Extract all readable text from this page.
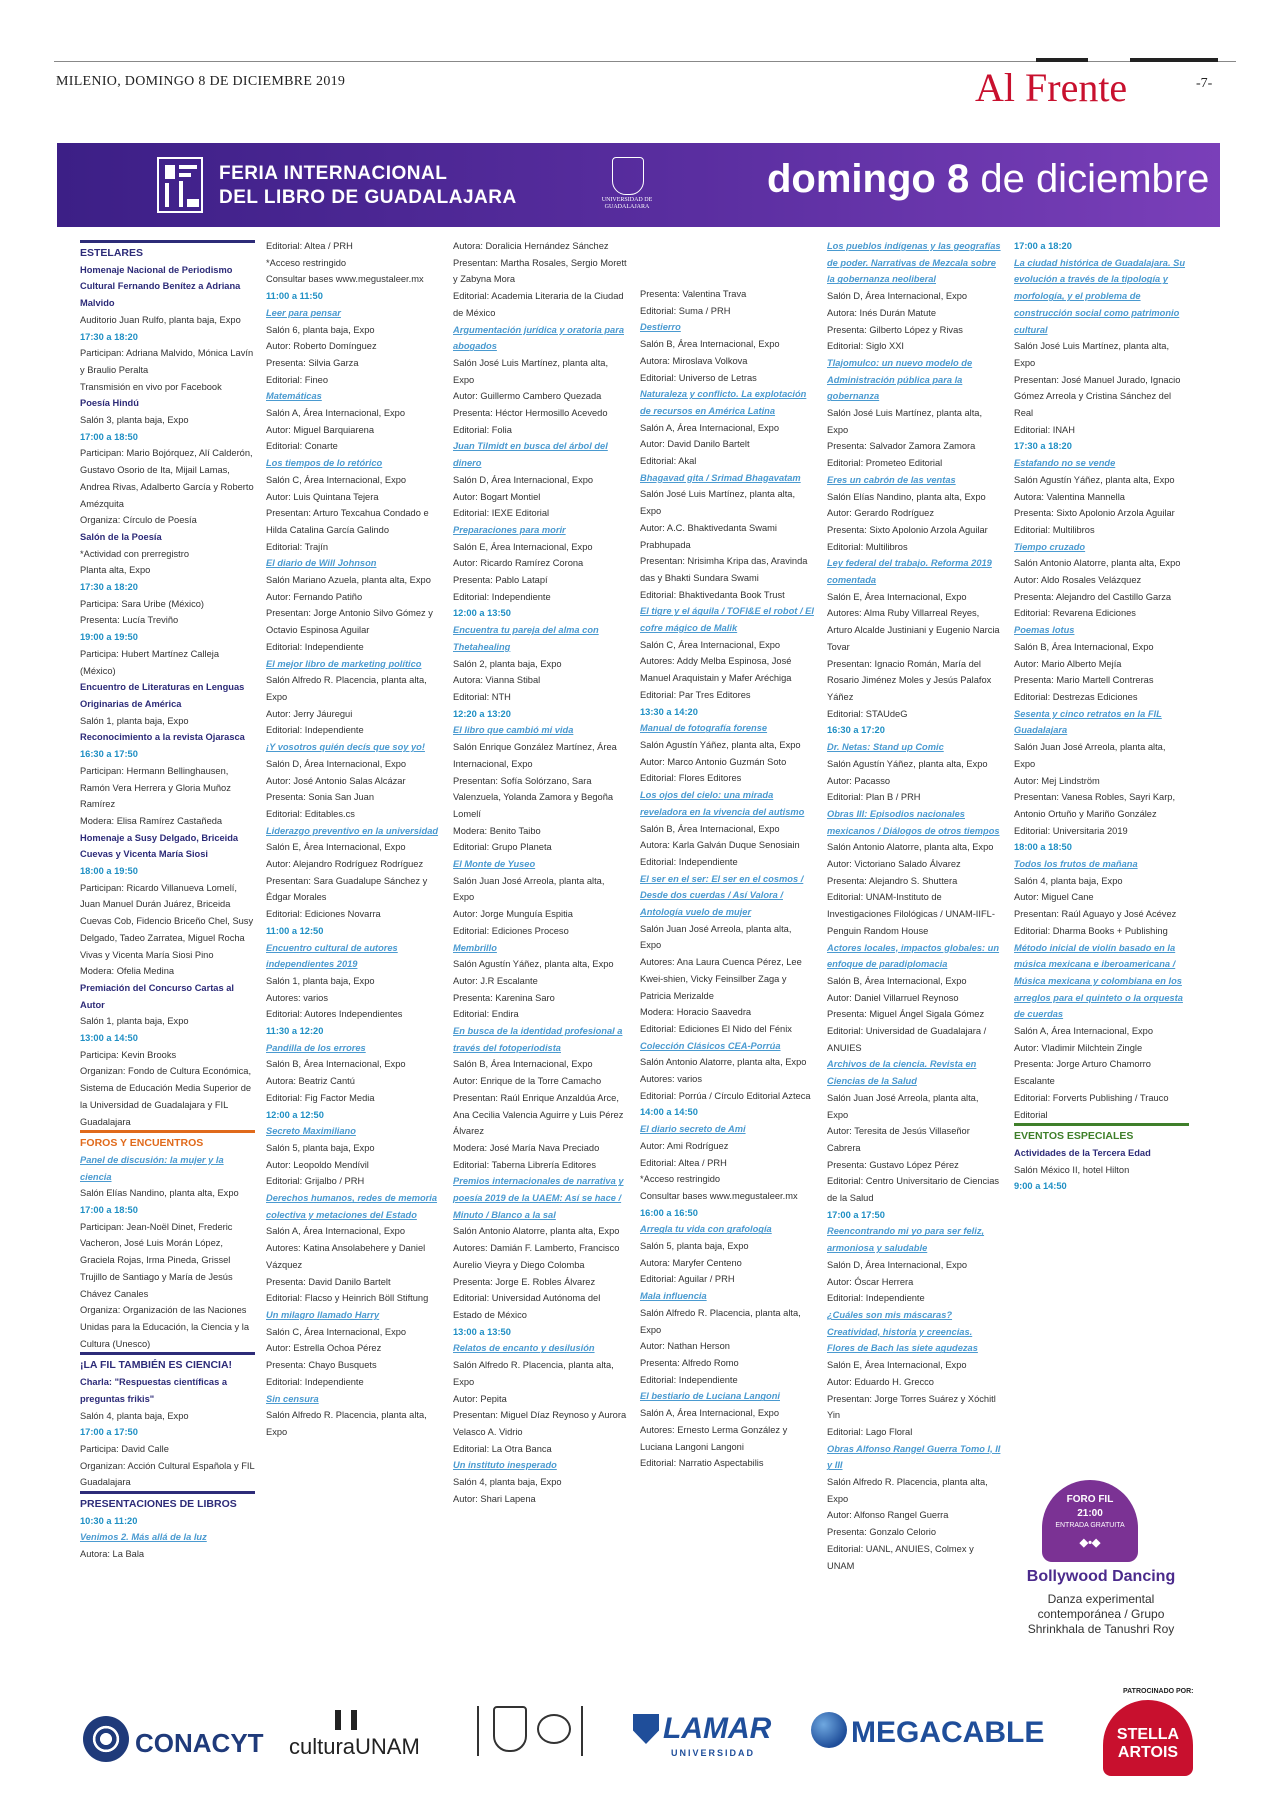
MILENIO, DOMINGO 8 DE DICIEMBRE 2019	Al Frente	-7-
FERIA INTERNACIONAL
DEL LIBRO DE GUADALAJARA	UNIVERSIDAD DE
GUADALAJARA
domingo 8 de diciembre

ESTELARES

Homenaje Nacional de Periodismo Cultural Fernando Benítez a Adriana Malvido

Auditorio Juan Rulfo, planta baja, Expo

17:30 a 18:20

Participan: Adriana Malvido, Mónica Lavín y Braulio Peralta

Transmisión en vivo por Facebook

Poesía Hindú

Salón 3, planta baja, Expo

17:00 a 18:50

Participan: Mario Bojórquez, Alí Calderón, Gustavo Osorio de Ita, Mijail Lamas, Andrea Rivas, Adalberto García y Roberto Amézquita

Organiza: Círculo de Poesía

Salón de la Poesía

*Actividad con prerregistro

Planta alta, Expo

17:30 a 18:20

Participa: Sara Uribe (México)

Presenta: Lucía Treviño

19:00 a 19:50

Participa: Hubert Martínez Calleja (México)

Encuentro de Literaturas en Lenguas Originarias de América

Salón 1, planta baja, Expo

Reconocimiento a la revista Ojarasca

16:30 a 17:50

Participan: Hermann Bellinghausen, Ramón Vera Herrera y Gloria Muñoz Ramírez

Modera: Elisa Ramírez Castañeda

Homenaje a Susy Delgado, Briceida Cuevas y Vicenta María Siosi

18:00 a 19:50

Participan: Ricardo Villanueva Lomelí, Juan Manuel Durán Juárez, Briceida Cuevas Cob, Fidencio Briceño Chel, Susy Delgado, Tadeo Zarratea, Miguel Rocha Vivas y Vicenta María Siosi Pino

Modera: Ofelia Medina

Premiación del Concurso Cartas al Autor

Salón 1, planta baja, Expo

13:00 a 14:50

Participa: Kevin Brooks

Organizan: Fondo de Cultura Económica, Sistema de Educación Media Superior de la Universidad de Guadalajara y FIL Guadalajara

FOROS Y ENCUENTROS

Panel de discusión: la mujer y la ciencia

Salón Elías Nandino, planta alta, Expo

17:00 a 18:50

Participan: Jean-Noël Dinet, Frederic Vacheron, José Luis Morán López, Graciela Rojas, Irma Pineda, Grissel Trujillo de Santiago y María de Jesús Chávez Canales

Organiza: Organización de las Naciones Unidas para la Educación, la Ciencia y la Cultura (Unesco)

¡LA FIL TAMBIÉN ES CIENCIA!

Charla: "Respuestas científicas a preguntas frikis"

Salón 4, planta baja, Expo

17:00 a 17:50

Participa: David Calle

Organizan: Acción Cultural Española y FIL Guadalajara

PRESENTACIONES DE LIBROS

10:30 a 11:20

Venimos 2. Más allá de la luz

Autora: La Bala

Editorial: Altea / PRH

*Acceso restringido

Consultar bases www.megustaleer.mx

11:00 a 11:50

Leer para pensar

Salón 6, planta baja, Expo

Autor: Roberto Domínguez

Presenta: Silvia Garza

Editorial: Fineo

Matemáticas

Salón A, Área Internacional, Expo

Autor: Miguel Barquiarena

Editorial: Conarte

Los tiempos de lo retórico

Salón C, Área Internacional, Expo

Autor: Luis Quintana Tejera

Presentan: Arturo Texcahua Condado e Hilda Catalina García Galindo

Editorial: Trajín

El diario de Will Johnson

Salón Mariano Azuela, planta alta, Expo

Autor: Fernando Patiño

Presentan: Jorge Antonio Silvo Gómez y Octavio Espinosa Aguilar

Editorial: Independiente

El mejor libro de marketing político

Salón Alfredo R. Placencia, planta alta, Expo

Autor: Jerry Jáuregui

Editorial: Independiente

¡Y vosotros quién decís que soy yo!

Salón D, Área Internacional, Expo

Autor: José Antonio Salas Alcázar

Presenta: Sonia San Juan

Editorial: Editables.cs

Liderazgo preventivo en la universidad

Salón E, Área Internacional, Expo

Autor: Alejandro Rodríguez Rodríguez

Presentan: Sara Guadalupe Sánchez y Édgar Morales

Editorial: Ediciones Novarra

11:00 a 12:50

Encuentro cultural de autores independientes 2019

Salón 1, planta baja, Expo

Autores: varios

Editorial: Autores Independientes

11:30 a 12:20

Pandilla de los errores

Salón B, Área Internacional, Expo

Autora: Beatriz Cantú

Editorial: Fig Factor Media

12:00 a 12:50

Secreto Maximiliano

Salón 5, planta baja, Expo

Autor: Leopoldo Mendívil

Editorial: Grijalbo / PRH

Derechos humanos, redes de memoria colectiva y metaciones del Estado

Salón A, Área Internacional, Expo

Autores: Katina Ansolabehere y Daniel Vázquez

Presenta: David Danilo Bartelt

Editorial: Flacso y Heinrich Böll Stiftung

Un milagro llamado Harry

Salón C, Área Internacional, Expo

Autor: Estrella Ochoa Pérez

Presenta: Chayo Busquets

Editorial: Independiente

Sin censura

Salón Alfredo R. Placencia, planta alta, Expo

Autora: Doralicia Hernández Sánchez

Presentan: Martha Rosales, Sergio Morett y Zabyna Mora

Editorial: Academia Literaria de la Ciudad de México

Argumentación jurídica y oratoria para abogados

Salón José Luis Martínez, planta alta, Expo

Autor: Guillermo Cambero Quezada

Presenta: Héctor Hermosillo Acevedo

Editorial: Folia

Juan Tilmidt en busca del árbol del dinero

Salón D, Área Internacional, Expo

Autor: Bogart Montiel

Editorial: IEXE Editorial

Preparaciones para morir

Salón E, Área Internacional, Expo

Autor: Ricardo Ramírez Corona

Presenta: Pablo Latapí

Editorial: Independiente

12:00 a 13:50

Encuentra tu pareja del alma con Thetahealing

Salón 2, planta baja, Expo

Autora: Vianna Stibal

Editorial: NTH

12:20 a 13:20

El libro que cambió mi vida

Salón Enrique González Martínez, Área Internacional, Expo

Presentan: Sofía Solórzano, Sara Valenzuela, Yolanda Zamora y Begoña Lomelí

Modera: Benito Taibo

Editorial: Grupo Planeta

El Monte de Yuseo

Salón Juan José Arreola, planta alta, Expo

Autor: Jorge Munguía Espitia

Editorial: Ediciones Proceso

Membrillo

Salón Agustín Yáñez, planta alta, Expo

Autor: J.R Escalante

Presenta: Karenina Saro

Editorial: Endira

En busca de la identidad profesional a través del fotoperiodista

Salón B, Área Internacional, Expo

Autor: Enrique de la Torre Camacho

Presentan: Raúl Enrique Anzaldúa Arce, Ana Cecilia Valencia Aguirre y Luis Pérez Álvarez

Modera: José María Nava Preciado

Editorial: Taberna Librería Editores

Premios internacionales de narrativa y poesía 2019 de la UAEM: Así se hace / Minuto / Blanco a la sal

Salón Antonio Alatorre, planta alta, Expo

Autores: Damián F. Lamberto, Francisco Aurelio Vieyra y Diego Colomba

Presenta: Jorge E. Robles Álvarez

Editorial: Universidad Autónoma del Estado de México

13:00 a 13:50

Relatos de encanto y desilusión

Salón Alfredo R. Placencia, planta alta, Expo

Autor: Pepita

Presentan: Miguel Díaz Reynoso y Aurora Velasco A. Vidrio

Editorial: La Otra Banca

Un instituto inesperado

Salón 4, planta baja, Expo

Autor: Shari Lapena

Presenta: Valentina Trava

Editorial: Suma / PRH

Destierro

Salón B, Área Internacional, Expo

Autora: Miroslava Volkova

Editorial: Universo de Letras

Naturaleza y conflicto. La explotación de recursos en América Latina

Salón A, Área Internacional, Expo

Autor: David Danilo Bartelt

Editorial: Akal

Bhagavad gita / Srimad Bhagavatam

Salón José Luis Martínez, planta alta, Expo

Autor: A.C. Bhaktivedanta Swami Prabhupada

Presentan: Nrisimha Kripa das, Aravinda das y Bhakti Sundara Swami

Editorial: Bhaktivedanta Book Trust

El tigre y el águila / TOFI&E el robot / El cofre mágico de Malik

Salón C, Área Internacional, Expo

Autores: Addy Melba Espinosa, José Manuel Araquistain y Mafer Aréchiga

Editorial: Par Tres Editores

13:30 a 14:20

Manual de fotografía forense

Salón Agustín Yáñez, planta alta, Expo

Autor: Marco Antonio Guzmán Soto

Editorial: Flores Editores

Los ojos del cielo: una mirada reveladora en la vivencia del autismo

Salón B, Área Internacional, Expo

Autora: Karla Galván Duque Senosiain

Editorial: Independiente

El ser en el ser: El ser en el cosmos / Desde dos cuerdas / Así Valora / Antología vuelo de mujer

Salón Juan José Arreola, planta alta, Expo

Autores: Ana Laura Cuenca Pérez, Lee Kwei-shien, Vicky Feinsilber Zaga y Patricia Merizalde

Modera: Horacio Saavedra

Editorial: Ediciones El Nido del Fénix

Colección Clásicos CEA-Porrúa

Salón Antonio Alatorre, planta alta, Expo

Autores: varios

Editorial: Porrúa / Círculo Editorial Azteca

14:00 a 14:50

El diario secreto de Ami

Autor: Ami Rodríguez

Editorial: Altea / PRH

*Acceso restringido

Consultar bases www.megustaleer.mx

16:00 a 16:50

Arregla tu vida con grafología

Salón 5, planta baja, Expo

Autora: Maryfer Centeno

Editorial: Aguilar / PRH

Mala influencia

Salón Alfredo R. Placencia, planta alta, Expo

Autor: Nathan Herson

Presenta: Alfredo Romo

Editorial: Independiente

El bestiario de Luciana Langoni

Salón A, Área Internacional, Expo

Autores: Ernesto Lerma González y Luciana Langoni Langoni

Editorial: Narratio Aspectabilis

Los pueblos indígenas y las geografías de poder. Narrativas de Mezcala sobre la gobernanza neoliberal

Salón D, Área Internacional, Expo

Autora: Inés Durán Matute

Presenta: Gilberto López y Rivas

Editorial: Siglo XXI

Tlajomulco: un nuevo modelo de Administración pública para la gobernanza

Salón José Luis Martínez, planta alta, Expo

Presenta: Salvador Zamora Zamora

Editorial: Prometeo Editorial

Eres un cabrón de las ventas

Salón Elías Nandino, planta alta, Expo

Autor: Gerardo Rodríguez

Presenta: Sixto Apolonio Arzola Aguilar

Editorial: Multilibros

Ley federal del trabajo. Reforma 2019 comentada

Salón E, Área Internacional, Expo

Autores: Alma Ruby Villarreal Reyes, Arturo Alcalde Justiniani y Eugenio Narcia Tovar

Presentan: Ignacio Román, María del Rosario Jiménez Moles y Jesús Palafox Yáñez

Editorial: STAUdeG

16:30 a 17:20

Dr. Netas: Stand up Comic

Salón Agustín Yáñez, planta alta, Expo

Autor: Pacasso

Editorial: Plan B / PRH

Obras III: Episodios nacionales mexicanos / Diálogos de otros tiempos

Salón Antonio Alatorre, planta alta, Expo

Autor: Victoriano Salado Álvarez

Presenta: Alejandro S. Shuttera

Editorial: UNAM-Instituto de Investigaciones Filológicas / UNAM-IIFL-Penguin Random House

Actores locales, impactos globales: un enfoque de paradiplomacia

Salón B, Área Internacional, Expo

Autor: Daniel Villarruel Reynoso

Presenta: Miguel Ángel Sigala Gómez

Editorial: Universidad de Guadalajara / ANUIES

Archivos de la ciencia. Revista en Ciencias de la Salud

Salón Juan José Arreola, planta alta, Expo

Autor: Teresita de Jesús Villaseñor Cabrera

Presenta: Gustavo López Pérez

Editorial: Centro Universitario de Ciencias de la Salud

17:00 a 17:50

Reencontrando mi yo para ser feliz, armoniosa y saludable

Salón D, Área Internacional, Expo

Autor: Óscar Herrera

Editorial: Independiente

¿Cuáles son mis máscaras? Creatividad, historia y creencias. Flores de Bach las siete agudezas

Salón E, Área Internacional, Expo

Autor: Eduardo H. Grecco

Presentan: Jorge Torres Suárez y Xóchitl Yin

Editorial: Lago Floral

Obras Alfonso Rangel Guerra Tomo I, II y III

Salón Alfredo R. Placencia, planta alta, Expo

Autor: Alfonso Rangel Guerra

Presenta: Gonzalo Celorio

Editorial: UANL, ANUIES, Colmex y UNAM

17:00 a 18:20

La ciudad histórica de Guadalajara. Su evolución a través de la tipología y morfología, y el problema de construcción social como patrimonio cultural

Salón José Luis Martínez, planta alta, Expo

Presentan: José Manuel Jurado, Ignacio Gómez Arreola y Cristina Sánchez del Real

Editorial: INAH

17:30 a 18:20

Estafando no se vende

Salón Agustín Yáñez, planta alta, Expo

Autora: Valentina Mannella

Presenta: Sixto Apolonio Arzola Aguilar

Editorial: Multilibros

Tiempo cruzado

Salón Antonio Alatorre, planta alta, Expo

Autor: Aldo Rosales Velázquez

Presenta: Alejandro del Castillo Garza

Editorial: Revarena Ediciones

Poemas lotus

Salón B, Área Internacional, Expo

Autor: Mario Alberto Mejía

Presenta: Mario Martell Contreras

Editorial: Destrezas Ediciones

Sesenta y cinco retratos en la FIL Guadalajara

Salón Juan José Arreola, planta alta, Expo

Autor: Mej Lindström

Presentan: Vanesa Robles, Sayri Karp, Antonio Ortuño y Mariño González

Editorial: Universitaria 2019

18:00 a 18:50

Todos los frutos de mañana

Salón 4, planta baja, Expo

Autor: Miguel Cane

Presentan: Raúl Aguayo y José Acévez

Editorial: Dharma Books + Publishing

Método inicial de violín basado en la música mexicana e iberoamericana / Música mexicana y colombiana en los arreglos para el quinteto o la orquesta de cuerdas

Salón A, Área Internacional, Expo

Autor: Vladimir Milchtein Zingle

Presenta: Jorge Arturo Chamorro Escalante

Editorial: Forverts Publishing / Trauco Editorial

EVENTOS ESPECIALES

Actividades de la Tercera Edad

Salón México II, hotel Hilton

9:00 a 14:50

FORO FIL
21:00
ENTRADA GRATUITA
◆•◆
Bollywood Dancing
Danza experimental contemporánea / Grupo Shrinkhala de Tanushri Roy
CONACYT culturaUNAM
LAMAR
UNIVERSIDAD
MEGACABLE
PATROCINADO POR:
STELLA
ARTOIS
